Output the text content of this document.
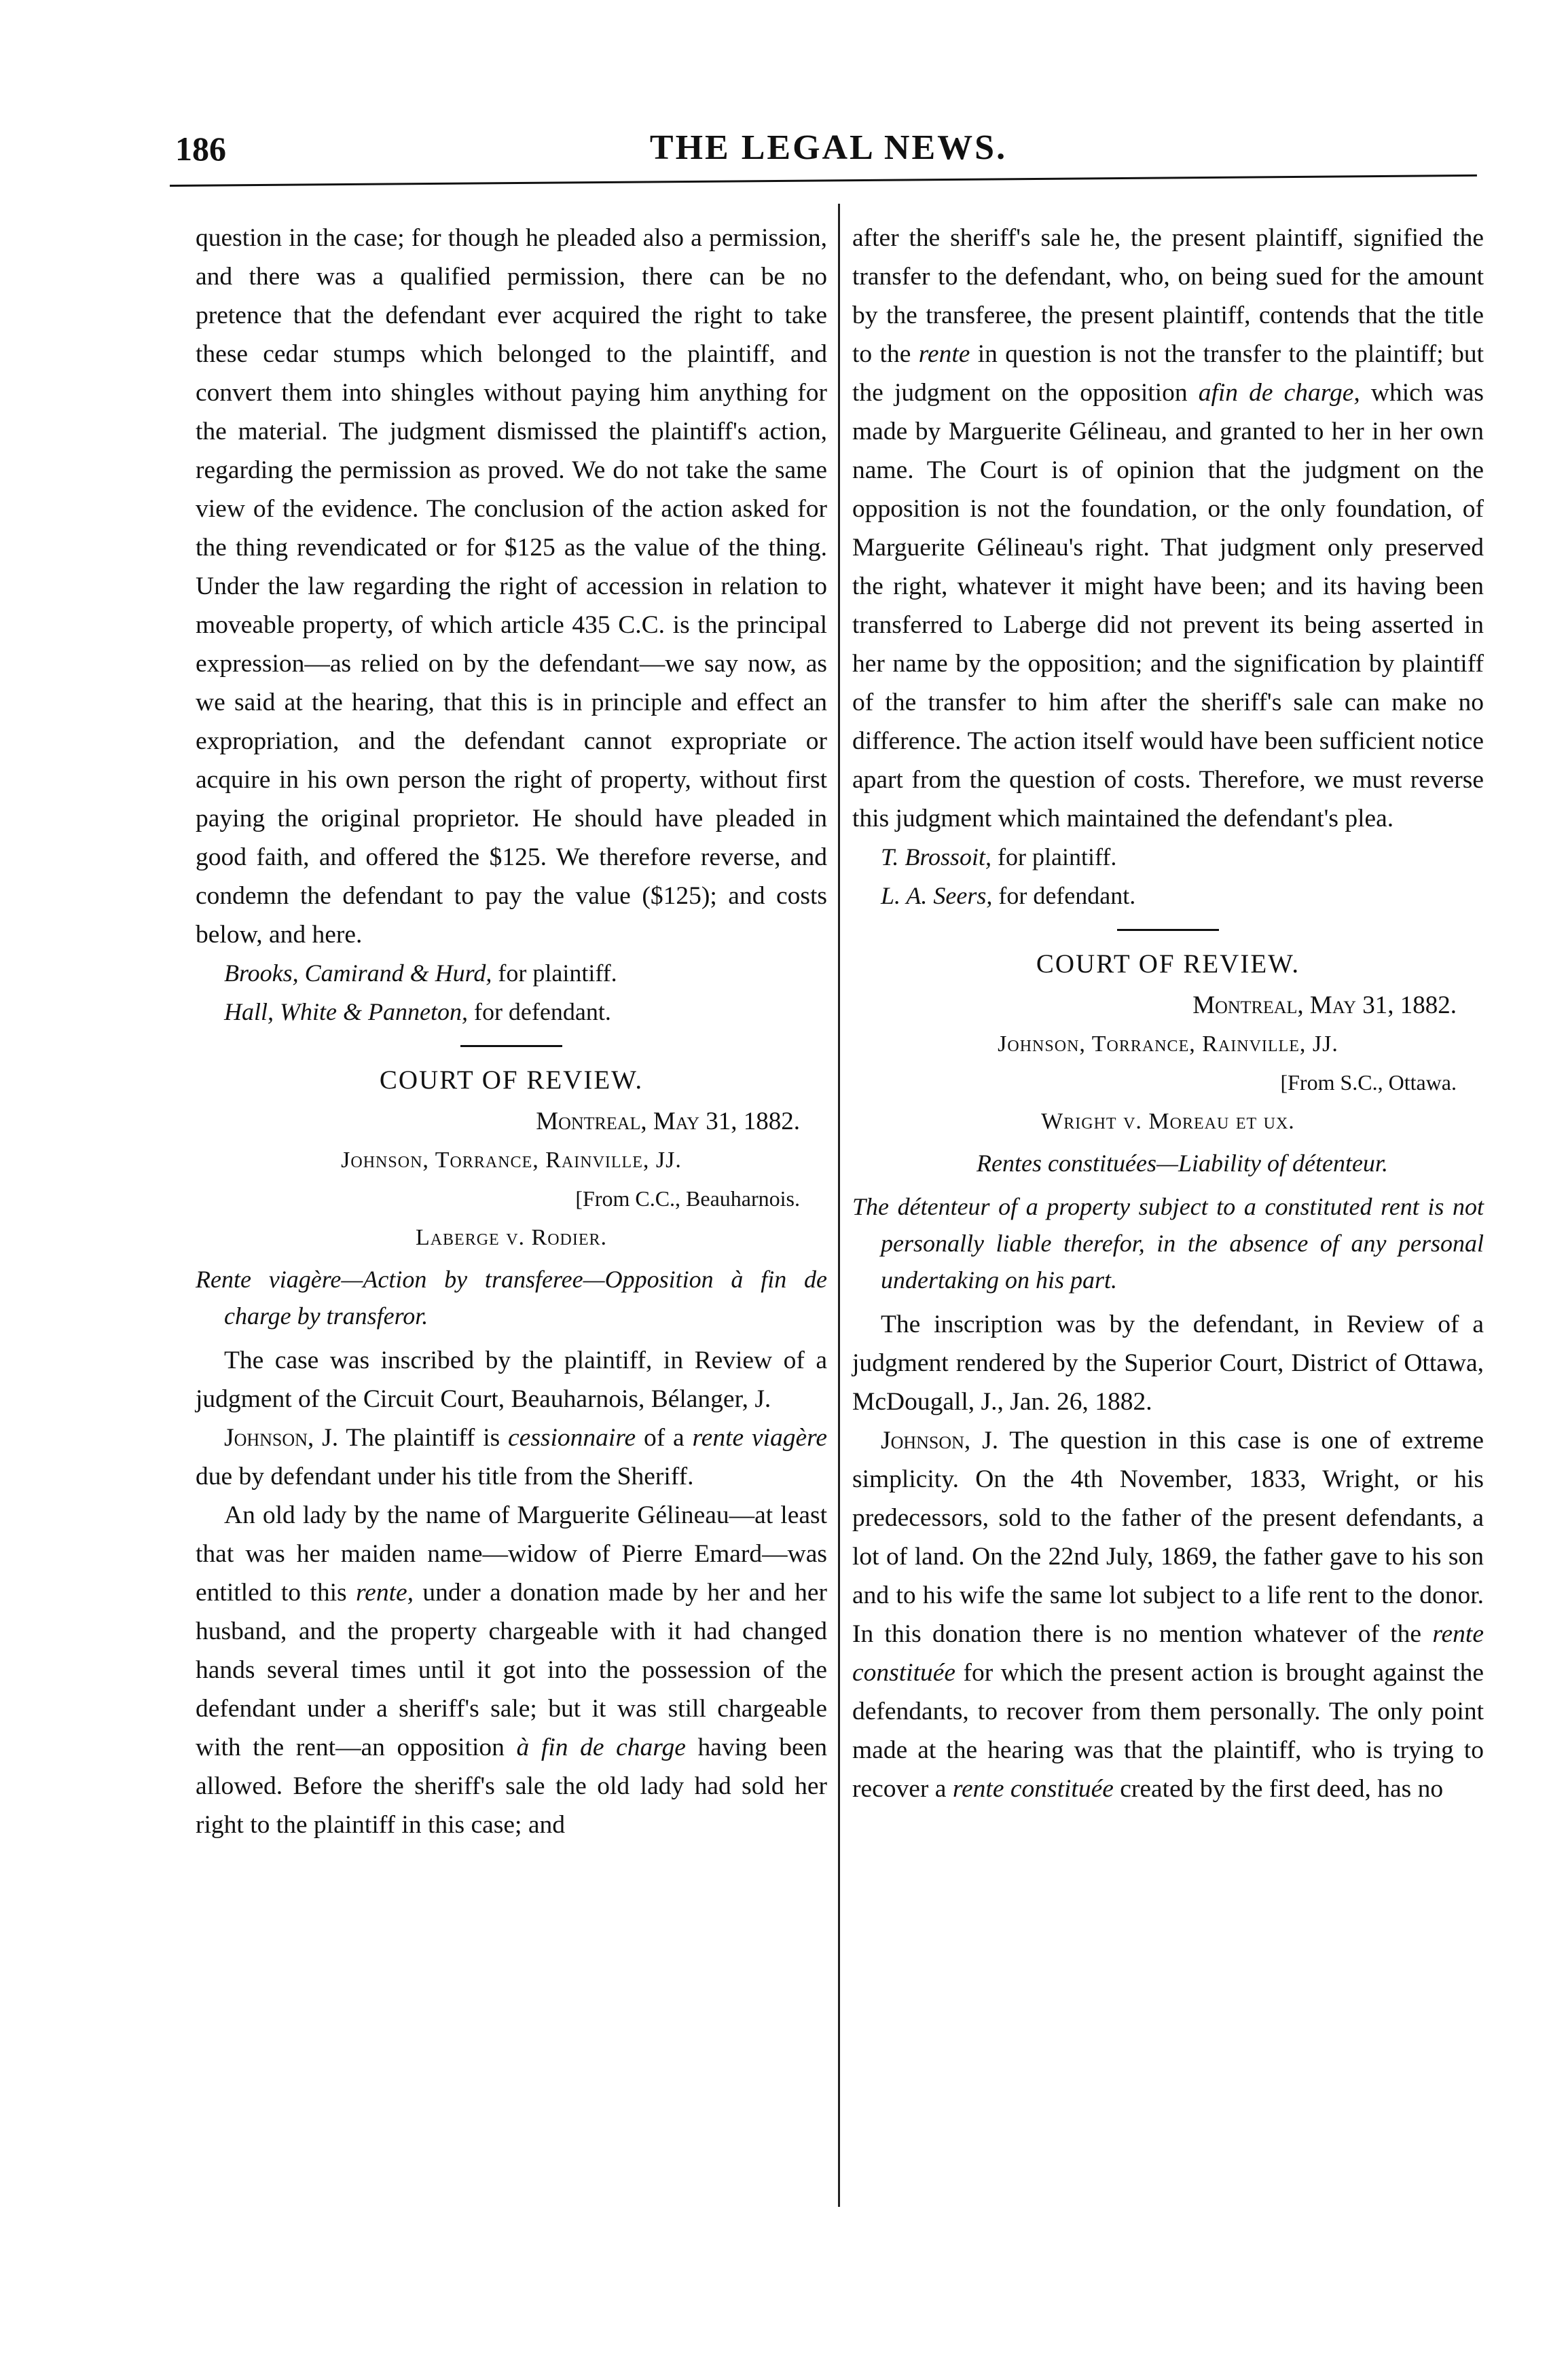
186	THE LEGAL NEWS.

question in the case; for though he pleaded also a permission, and there was a qualified permission, there can be no pretence that the defendant ever acquired the right to take these cedar stumps which belonged to the plaintiff, and convert them into shingles without paying him anything for the material. The judgment dismissed the plaintiff's action, regarding the permission as proved. We do not take the same view of the evidence. The conclusion of the action asked for the thing revendicated or for $125 as the value of the thing. Under the law regarding the right of accession in relation to moveable property, of which article 435 C.C. is the principal expression—as relied on by the defendant—we say now, as we said at the hearing, that this is in principle and effect an expropriation, and the defendant cannot expropriate or acquire in his own person the right of property, without first paying the original proprietor. He should have pleaded in good faith, and offered the $125. We therefore reverse, and condemn the defendant to pay the value ($125); and costs below, and here.

Brooks, Camirand & Hurd, for plaintiff.

Hall, White & Panneton, for defendant.

COURT OF REVIEW.
Montreal, May 31, 1882.
Johnson, Torrance, Rainville, JJ.
[From C.C., Beauharnois.
Laberge v. Rodier.

Rente viagère—Action by transferee—Opposition à fin de charge by transferor.

The case was inscribed by the plaintiff, in Review of a judgment of the Circuit Court, Beauharnois, Bélanger, J.

Johnson, J. The plaintiff is cessionnaire of a rente viagère due by defendant under his title from the Sheriff.

An old lady by the name of Marguerite Gélineau—at least that was her maiden name—widow of Pierre Emard—was entitled to this rente, under a donation made by her and her husband, and the property chargeable with it had changed hands several times until it got into the possession of the defendant under a sheriff's sale; but it was still chargeable with the rent—an opposition à fin de charge having been allowed. Before the sheriff's sale the old lady had sold her right to the plaintiff in this case; and

after the sheriff's sale he, the present plaintiff, signified the transfer to the defendant, who, on being sued for the amount by the transferee, the present plaintiff, contends that the title to the rente in question is not the transfer to the plaintiff; but the judgment on the opposition afin de charge, which was made by Marguerite Gélineau, and granted to her in her own name. The Court is of opinion that the judgment on the opposition is not the foundation, or the only foundation, of Marguerite Gélineau's right. That judgment only preserved the right, whatever it might have been; and its having been transferred to Laberge did not prevent its being asserted in her name by the opposition; and the signification by plaintiff of the transfer to him after the sheriff's sale can make no difference. The action itself would have been sufficient notice apart from the question of costs. Therefore, we must reverse this judgment which maintained the defendant's plea.

T. Brossoit, for plaintiff.

L. A. Seers, for defendant.

COURT OF REVIEW.
Montreal, May 31, 1882.
Johnson, Torrance, Rainville, JJ.
[From S.C., Ottawa.
Wright v. Moreau et ux.

Rentes constituées—Liability of détenteur.

The détenteur of a property subject to a constituted rent is not personally liable therefor, in the absence of any personal undertaking on his part.

The inscription was by the defendant, in Review of a judgment rendered by the Superior Court, District of Ottawa, McDougall, J., Jan. 26, 1882.

Johnson, J. The question in this case is one of extreme simplicity. On the 4th November, 1833, Wright, or his predecessors, sold to the father of the present defendants, a lot of land. On the 22nd July, 1869, the father gave to his son and to his wife the same lot subject to a life rent to the donor. In this donation there is no mention whatever of the rente constituée for which the present action is brought against the defendants, to recover from them personally. The only point made at the hearing was that the plaintiff, who is trying to recover a rente constituée created by the first deed, has no
